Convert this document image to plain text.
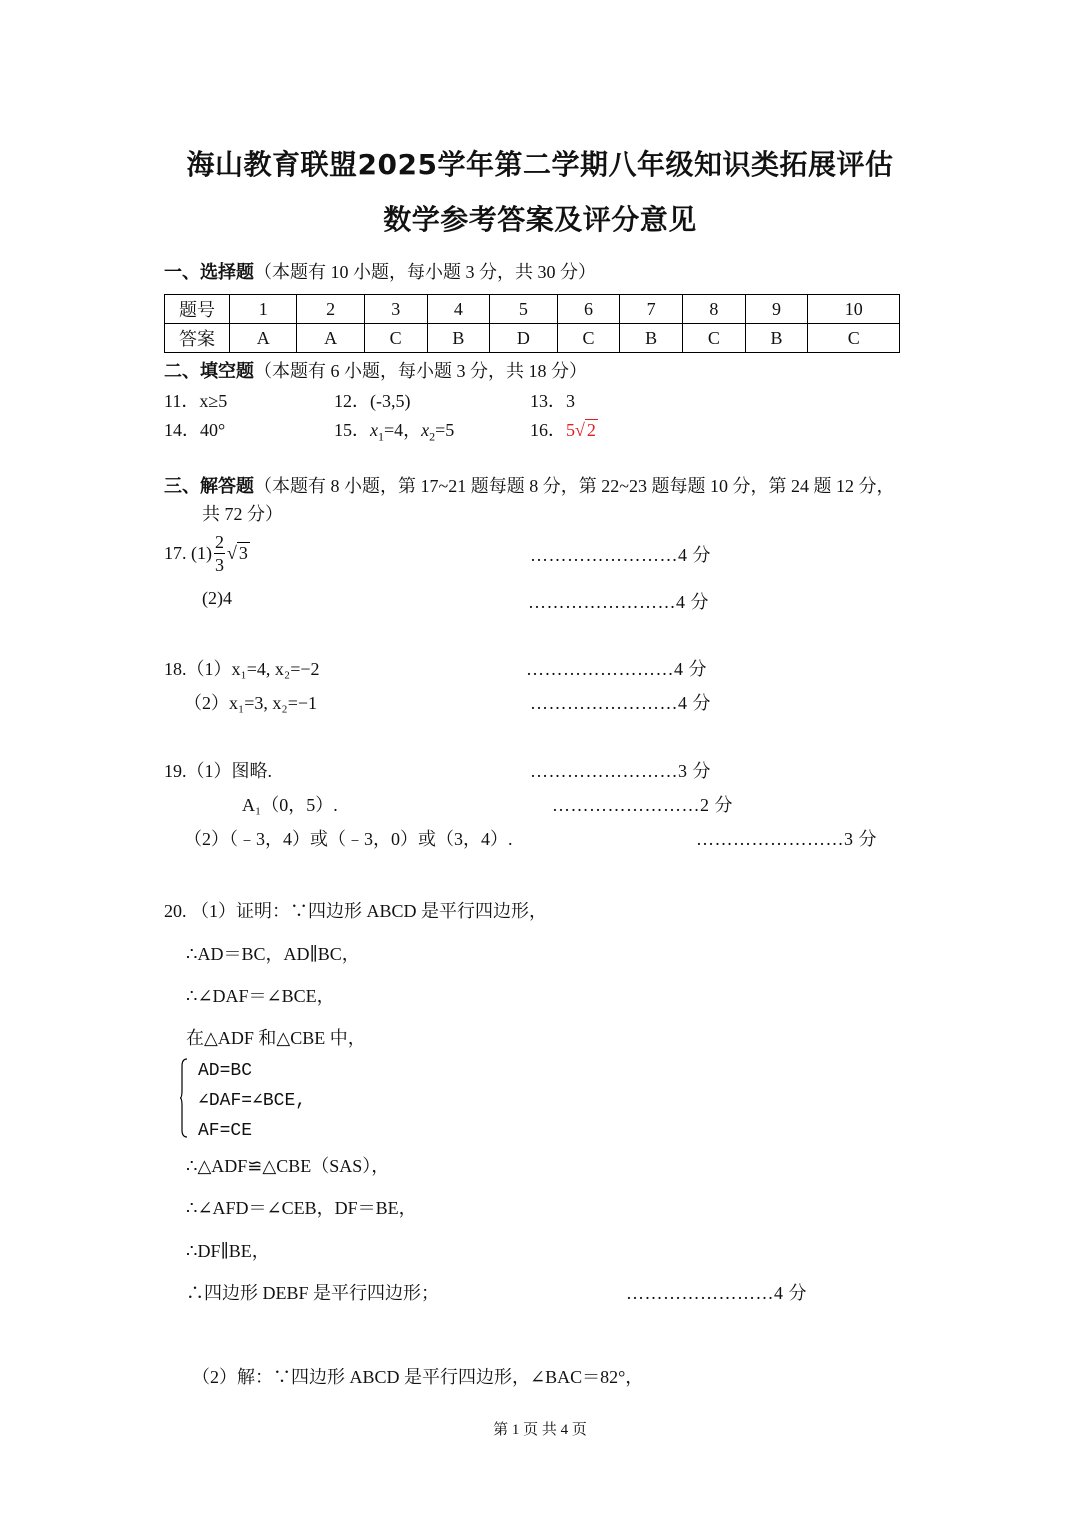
海山教育联盟2025学年第二学期八年级知识类拓展评估
数学参考答案及评分意见
一、选择题（本题有 10 小题，每小题 3 分，共 30 分）
题号	1	2	3	4	5	6	7	8	9	10
答案	A	A	C	B	D	C	B	C	B	C
二、填空题（本题有 6 小题，每小题 3 分，共 18 分）
11．x≥5	12．(-3,5)	13．3
14．40°	15．$x_1=4$，$x_2=5$	16．5√ 2
三、解答题（本题有 8 小题，第 17~21 题每题 8 分，第 22~23 题每题 10 分，第 24 题 12 分，
共 72 分）
17. $(1) \frac{2}{3}$ √ 3	……………………4 分
(2)4	……………………4 分
18.（1）x₁=4, x₂=−2	……………………4 分
（2）x₁=3, x₂=−1	……………………4 分
19.（1）图略.	……………………3 分
A₁（0，5）.	……………………2 分
（2）（﹣3，4）或（﹣3，0）或（3，4）.	……………………3 分
20. （1）证明：∵四边形 ABCD 是平行四边形，
∴AD＝BC，AD∥BC，
∴∠DAF＝∠BCE，
在△ADF 和△CBE 中，
AD=BC
∠DAF=∠BCE,
AF=CE
∴△ADF≌△CBE（SAS），
∴∠AFD＝∠CEB，DF＝BE，
∴DF∥BE，
∴四边形 DEBF 是平行四边形；	……………………4 分
（2）解：∵四边形 ABCD 是平行四边形，∠BAC＝82°，
第 1 页 共 4 页
